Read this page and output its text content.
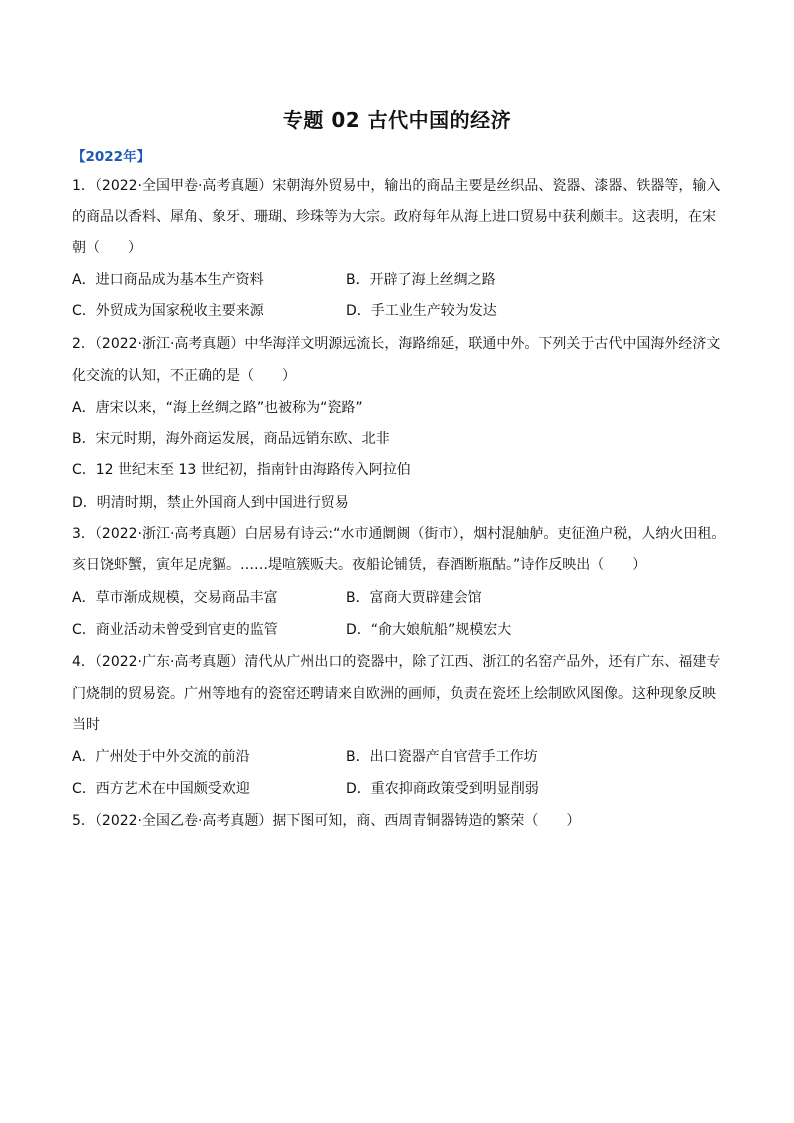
专题 02 古代中国的经济
【2022年】
1．（2022·全国甲卷·高考真题）宋朝海外贸易中，输出的商品主要是丝织品、瓷器、漆器、铁器等，输入
的商品以香料、犀角、象牙、珊瑚、珍珠等为大宗。政府每年从海上进口贸易中获利颇丰。这表明，在宋
朝（　　）
A．进口商品成为基本生产资料	B．开辟了海上丝绸之路
C．外贸成为国家税收主要来源	D．手工业生产较为发达
2．（2022·浙江·高考真题）中华海洋文明源远流长，海路绵延，联通中外。下列关于古代中国海外经济文
化交流的认知，不正确的是（　　）
A．唐宋以来，“海上丝绸之路”也被称为“瓷路”
B．宋元时期，海外商运发展，商品远销东欧、北非
C．12 世纪末至 13 世纪初，指南针由海路传入阿拉伯
D．明清时期，禁止外国商人到中国进行贸易
3．（2022·浙江·高考真题）白居易有诗云:“水市通阛阓（街市），烟村混舳舻。吏征渔户税，人纳火田租。
亥日饶虾蟹，寅年足虎貙。……堤喧簇贩夫。夜船论铺赁，春酒断瓶酤。”诗作反映出（　　）
A．草市渐成规模，交易商品丰富	B．富商大贾辟建会馆
C．商业活动未曾受到官吏的监管	D．“俞大娘航船”规模宏大
4．（2022·广东·高考真题）清代从广州出口的瓷器中，除了江西、浙江的名窑产品外，还有广东、福建专
门烧制的贸易瓷。广州等地有的瓷窑还聘请来自欧洲的画师，负责在瓷坯上绘制欧风图像。这种现象反映
当时
A．广州处于中外交流的前沿	B．出口瓷器产自官营手工作坊
C．西方艺术在中国颇受欢迎	D．重农抑商政策受到明显削弱
5．（2022·全国乙卷·高考真题）据下图可知，商、西周青铜器铸造的繁荣（　　）
